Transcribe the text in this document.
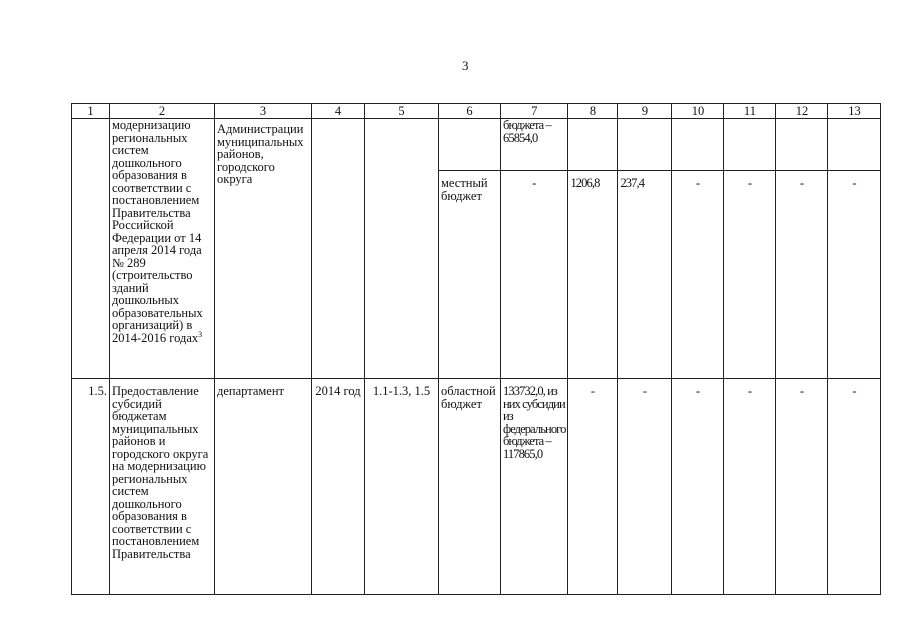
3
1	2	3	4	5	6	7	8	9	10	11	12	13
	модернизацию региональных систем дошкольного образования в соответствии с постановлением Правительства Российской Федерации от 14 апреля 2014 года № 289 (строительство зданий дошкольных образовательных организаций) в 2014-2016 годах$^3$	Администрации муниципальных районов, городского округа				бюджета – 65854,0						
					местный бюджет	-	1206,8	237,4	-	-	-	-
1.5.	Предоставление субсидий бюджетам муниципальных районов и городского округа на модернизацию региональных систем дошкольного образования в соответствии с постановлением Правительства	департамент	2014 год	1.1-1.3, 1.5	областной бюджет	133732,0, из них субсидии из федерального бюджета – 117865,0	-	-	-	-	-	-
